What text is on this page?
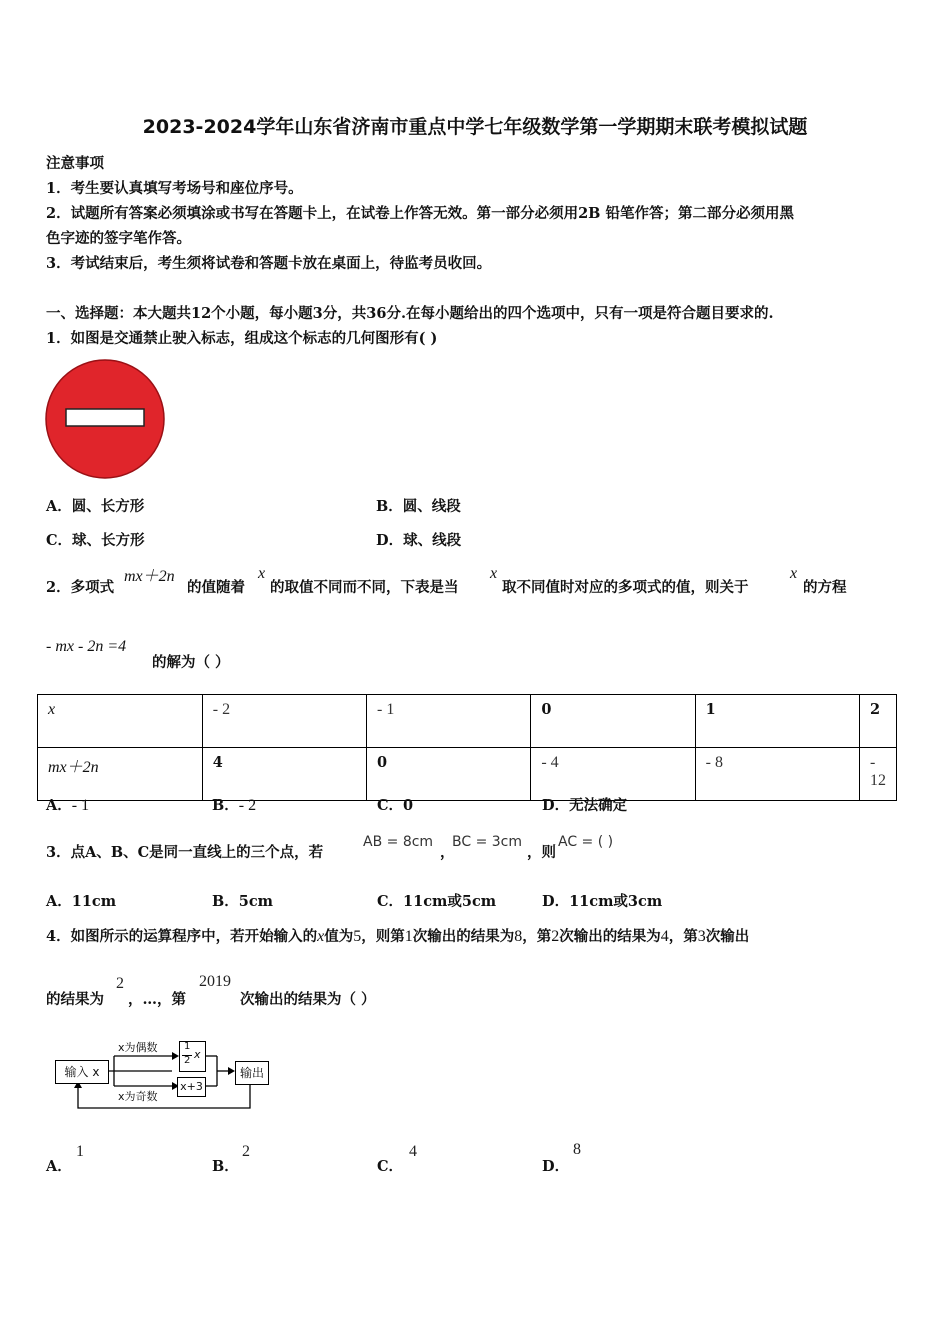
2023-2024学年山东省济南市重点中学七年级数学第一学期期末联考模拟试题
注意事项
1．考生要认真填写考场号和座位序号。
2．试题所有答案必须填涂或书写在答题卡上，在试卷上作答无效。第一部分必须用2B 铅笔作答；第二部分必须用黑
色字迹的签字笔作答。
3．考试结束后，考生须将试卷和答题卡放在桌面上，待监考员收回。
一、选择题：本大题共12个小题，每小题3分，共36分.在每小题给出的四个选项中，只有一项是符合题目要求的.
1．如图是交通禁止驶入标志，组成这个标志的几何图形有( )
A．圆、长方形	B．圆、线段
C．球、长方形	D．球、线段
2．多项式
mx＋2n
的值随着
x
的取值不同而不同，下表是当
x
取不同值时对应的多项式的值，则关于
x
的方程
- mx - 2n =4
的解为（ ）
x	- 2	- 1	0	1	2
mx＋2n	4	0	- 4	- 8	- 12
A．- 1	B．- 2	C．0	D．无法确定
3．点A、B、C是同一直线上的三个点，若
AB = 8cm
，
BC = 3cm
，则
AC = ( )
A．11cm	B．5cm	C．11cm或5cm	D．11cm或3cm
4．如图所示的运算程序中，若开始输入的x值为5，则第1次输出的结果为8，第2次输出的结果为4，第3次输出
的结果为
2
，…，第
2019
次输出的结果为（ ）
输入 x
x为偶数
x为奇数
1
2 x
x+3
输出
A．
1
B．
2
C．
4
D．
8
